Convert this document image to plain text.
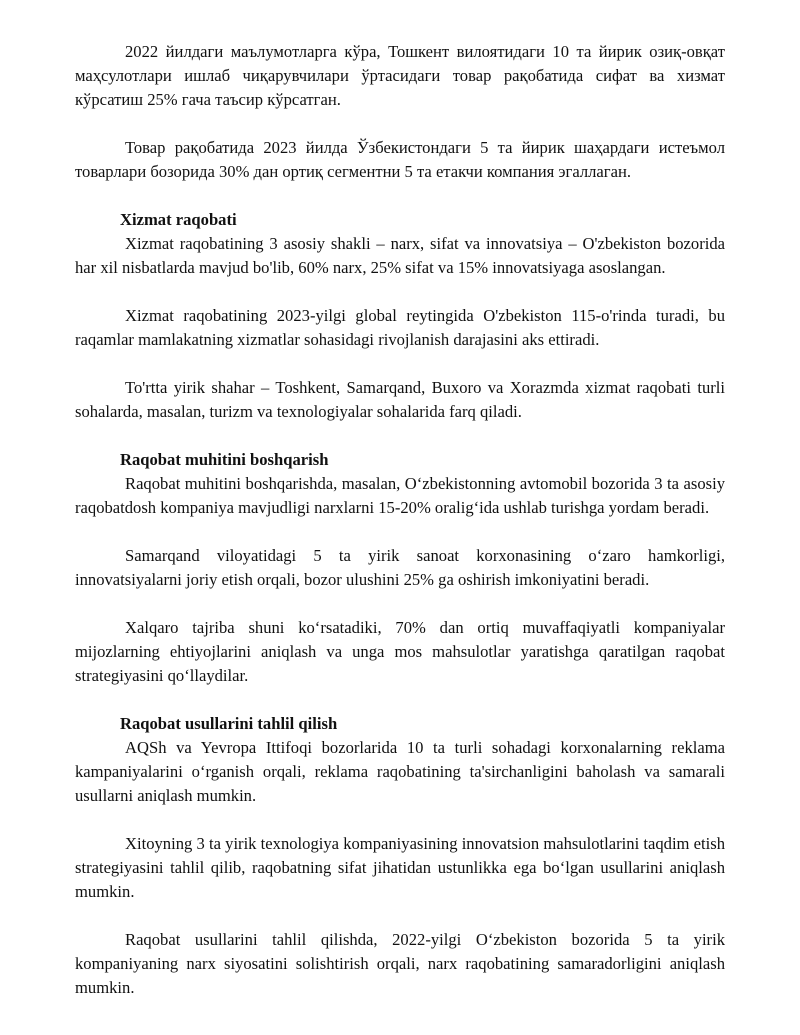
2022 йилдаги маълумотларга кўра, Тошкент вилоятидаги 10 та йирик озиқ-овқат маҳсулотлари ишлаб чиқарувчилари ўртасидаги товар рақобатида сифат ва хизмат кўрсатиш 25% гача таъсир кўрсатган.

Товар рақобатида 2023 йилда Ўзбекистондаги 5 та йирик шаҳардаги истеъмол товарлари бозорида 30% дан ортиқ сегментни 5 та етакчи компания эгаллаган.

Xizmat raqobati

Xizmat raqobatining 3 asosiy shakli – narx, sifat va innovatsiya – O'zbekiston bozorida har xil nisbatlarda mavjud bo'lib, 60% narx, 25% sifat va 15% innovatsiyaga asoslangan.

Xizmat raqobatining 2023-yilgi global reytingida O'zbekiston 115-o'rinda turadi, bu raqamlar mamlakatning xizmatlar sohasidagi rivojlanish darajasini aks ettiradi.

To'rtta yirik shahar – Toshkent, Samarqand, Buxoro va Xorazmda xizmat raqobati turli sohalarda, masalan, turizm va texnologiyalar sohalarida farq qiladi.

Raqobat muhitini boshqarish

Raqobat muhitini boshqarishda, masalan, O‘zbekistonning avtomobil bozorida 3 ta asosiy raqobatdosh kompaniya mavjudligi narxlarni 15-20% oralig‘ida ushlab turishga yordam beradi.

Samarqand viloyatidagi 5 ta yirik sanoat korxonasining o‘zaro hamkorligi, innovatsiyalarni joriy etish orqali, bozor ulushini 25% ga oshirish imkoniyatini beradi.

Xalqaro tajriba shuni ko‘rsatadiki, 70% dan ortiq muvaffaqiyatli kompaniyalar mijozlarning ehtiyojlarini aniqlash va unga mos mahsulotlar yaratishga qaratilgan raqobat strategiyasini qo‘llaydilar.

Raqobat usullarini tahlil qilish

AQSh va Yevropa Ittifoqi bozorlarida 10 ta turli sohadagi korxonalarning reklama kampaniyalarini o‘rganish orqali, reklama raqobatining ta'sirchanligini baholash va samarali usullarni aniqlash mumkin.

Xitoyning 3 ta yirik texnologiya kompaniyasining innovatsion mahsulotlarini taqdim etish strategiyasini tahlil qilib, raqobatning sifat jihatidan ustunlikka ega bo‘lgan usullarini aniqlash mumkin.

Raqobat usullarini tahlil qilishda, 2022-yilgi O‘zbekiston bozorida 5 ta yirik kompaniyaning narx siyosatini solishtirish orqali, narx raqobatining samaradorligini aniqlash mumkin.
